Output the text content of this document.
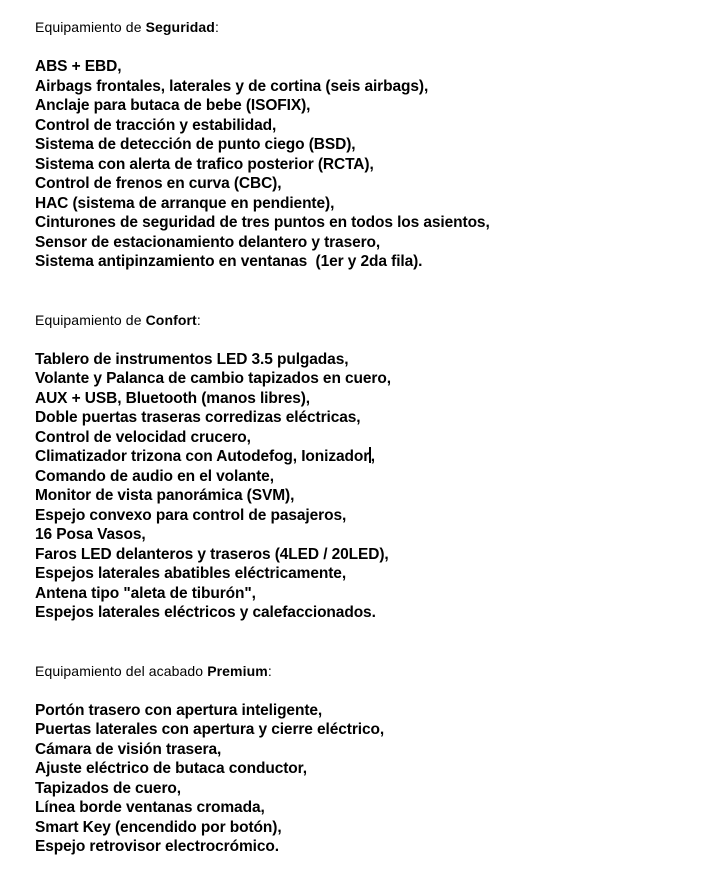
Equipamiento de Seguridad:

ABS + EBD,

Airbags frontales, laterales y de cortina (seis airbags),

Anclaje para butaca de bebe (ISOFIX),

Control de tracción y estabilidad,

Sistema de detección de punto ciego (BSD),

Sistema con alerta de trafico posterior (RCTA),

Control de frenos en curva (CBC),

HAC (sistema de arranque en pendiente),

Cinturones de seguridad de tres puntos en todos los asientos,

Sensor de estacionamiento delantero y trasero,

Sistema antipinzamiento en ventanas  (1er y 2da fila).

Equipamiento de Confort:

Tablero de instrumentos LED 3.5 pulgadas,

Volante y Palanca de cambio tapizados en cuero,

AUX + USB, Bluetooth (manos libres),

Doble puertas traseras corredizas eléctricas,

Control de velocidad crucero,

Climatizador trizona con Autodefog, Ionizador,

Comando de audio en el volante,

Monitor de vista panorámica (SVM),

Espejo convexo para control de pasajeros,

16 Posa Vasos,

Faros LED delanteros y traseros (4LED / 20LED),

Espejos laterales abatibles eléctricamente,

Antena tipo "aleta de tiburón",

Espejos laterales eléctricos y calefaccionados.

Equipamiento del acabado Premium:

Portón trasero con apertura inteligente,

Puertas laterales con apertura y cierre eléctrico,

Cámara de visión trasera,

Ajuste eléctrico de butaca conductor,

Tapizados de cuero,

Línea borde ventanas cromada,

Smart Key (encendido por botón),

Espejo retrovisor electrocrómico.
